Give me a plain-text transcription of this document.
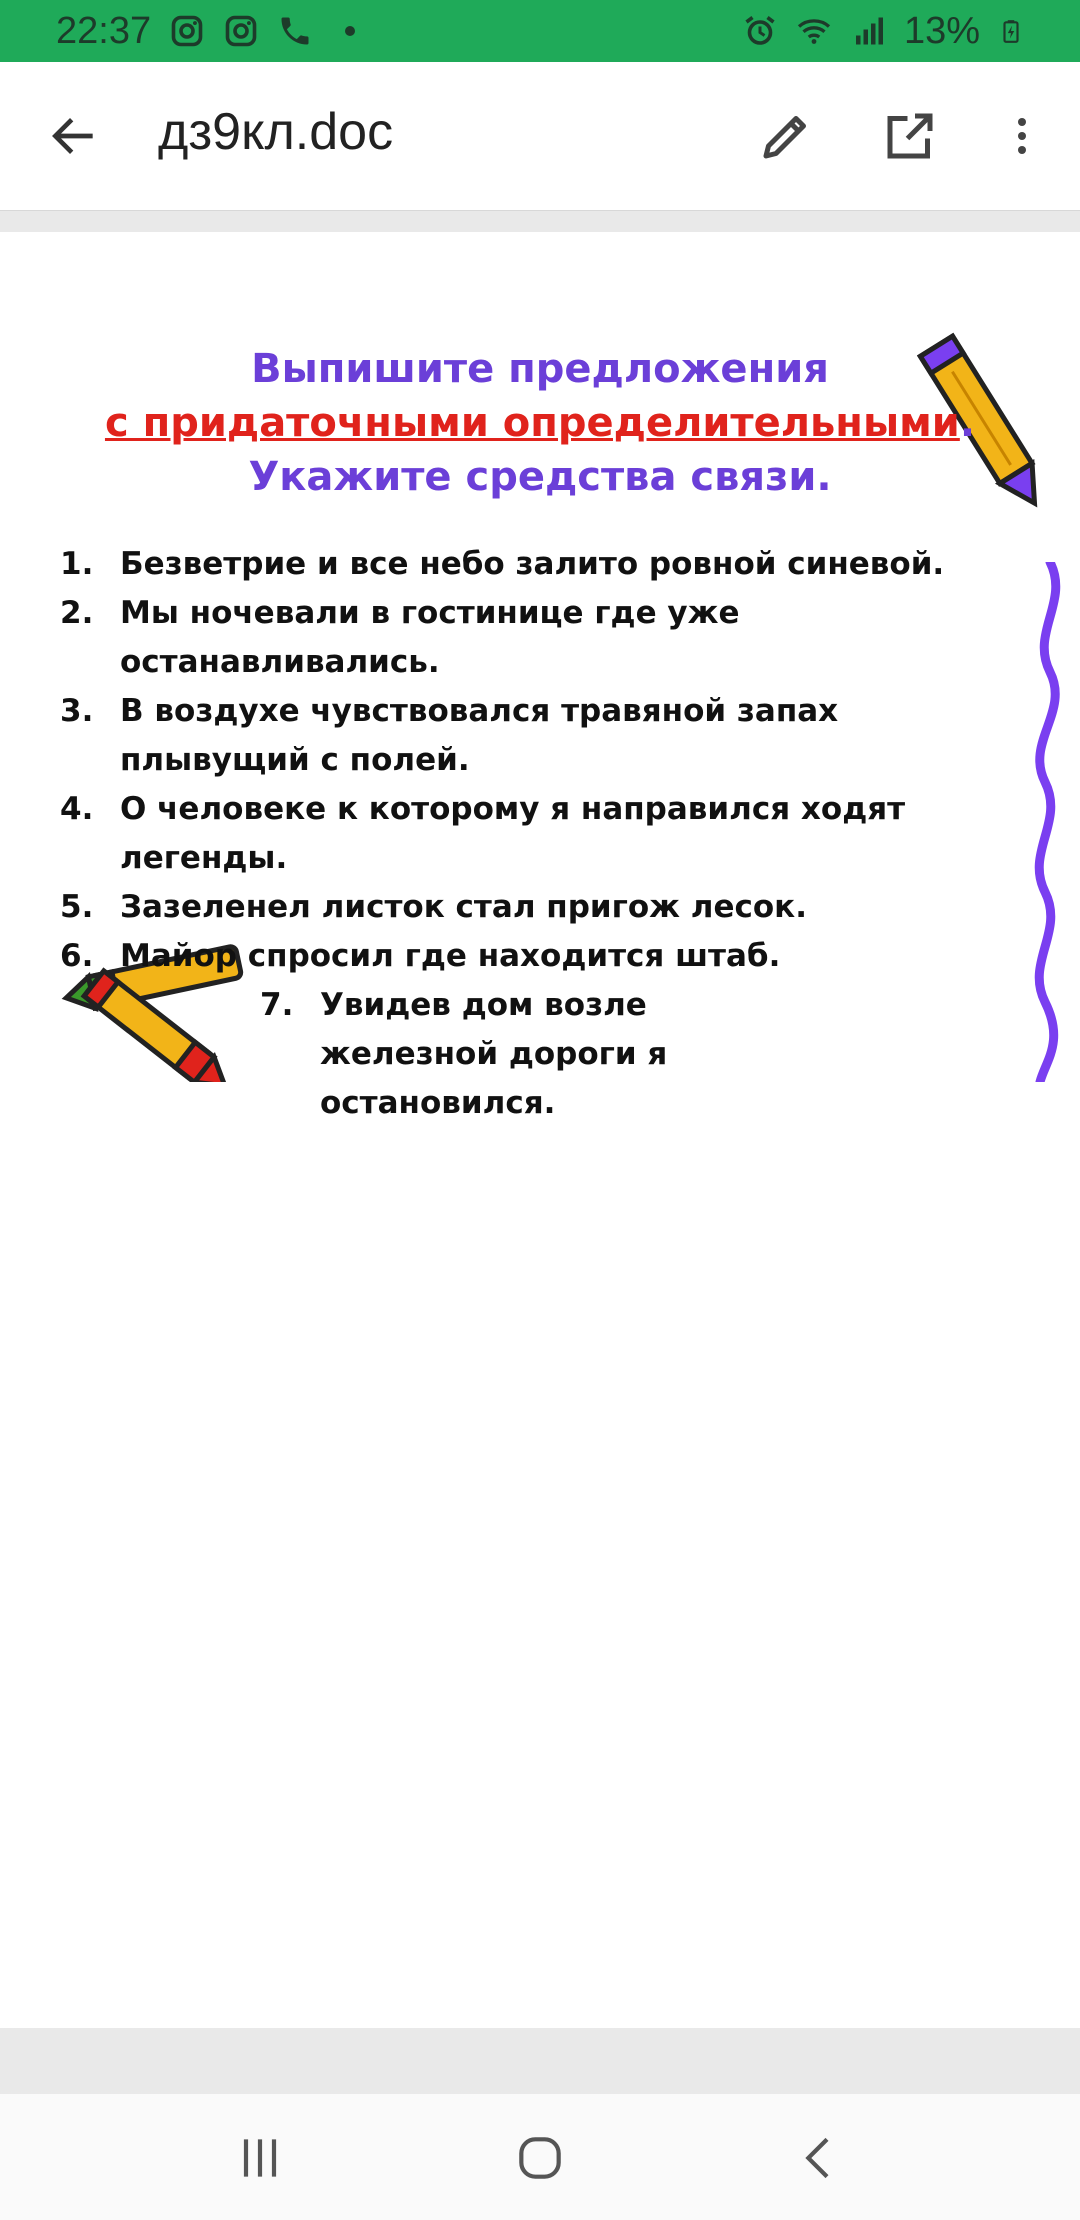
22:37	13%
дз9кл.doc
Выпишите предложения
с придаточными определительными.
Укажите средства связи.
1. Безветрие и все небо залито ровной синевой.
2. Мы ночевали в гостинице где уже останавливались.
3. В воздухе чувствовался травяной запах плывущий с полей.
4. О человеке к которому я направился ходят легенды.
5. Зазеленел листок стал пригож лесок.
6. Майор спросил где находится штаб.
7. Увидев дом возле железной дороги я остановился.
